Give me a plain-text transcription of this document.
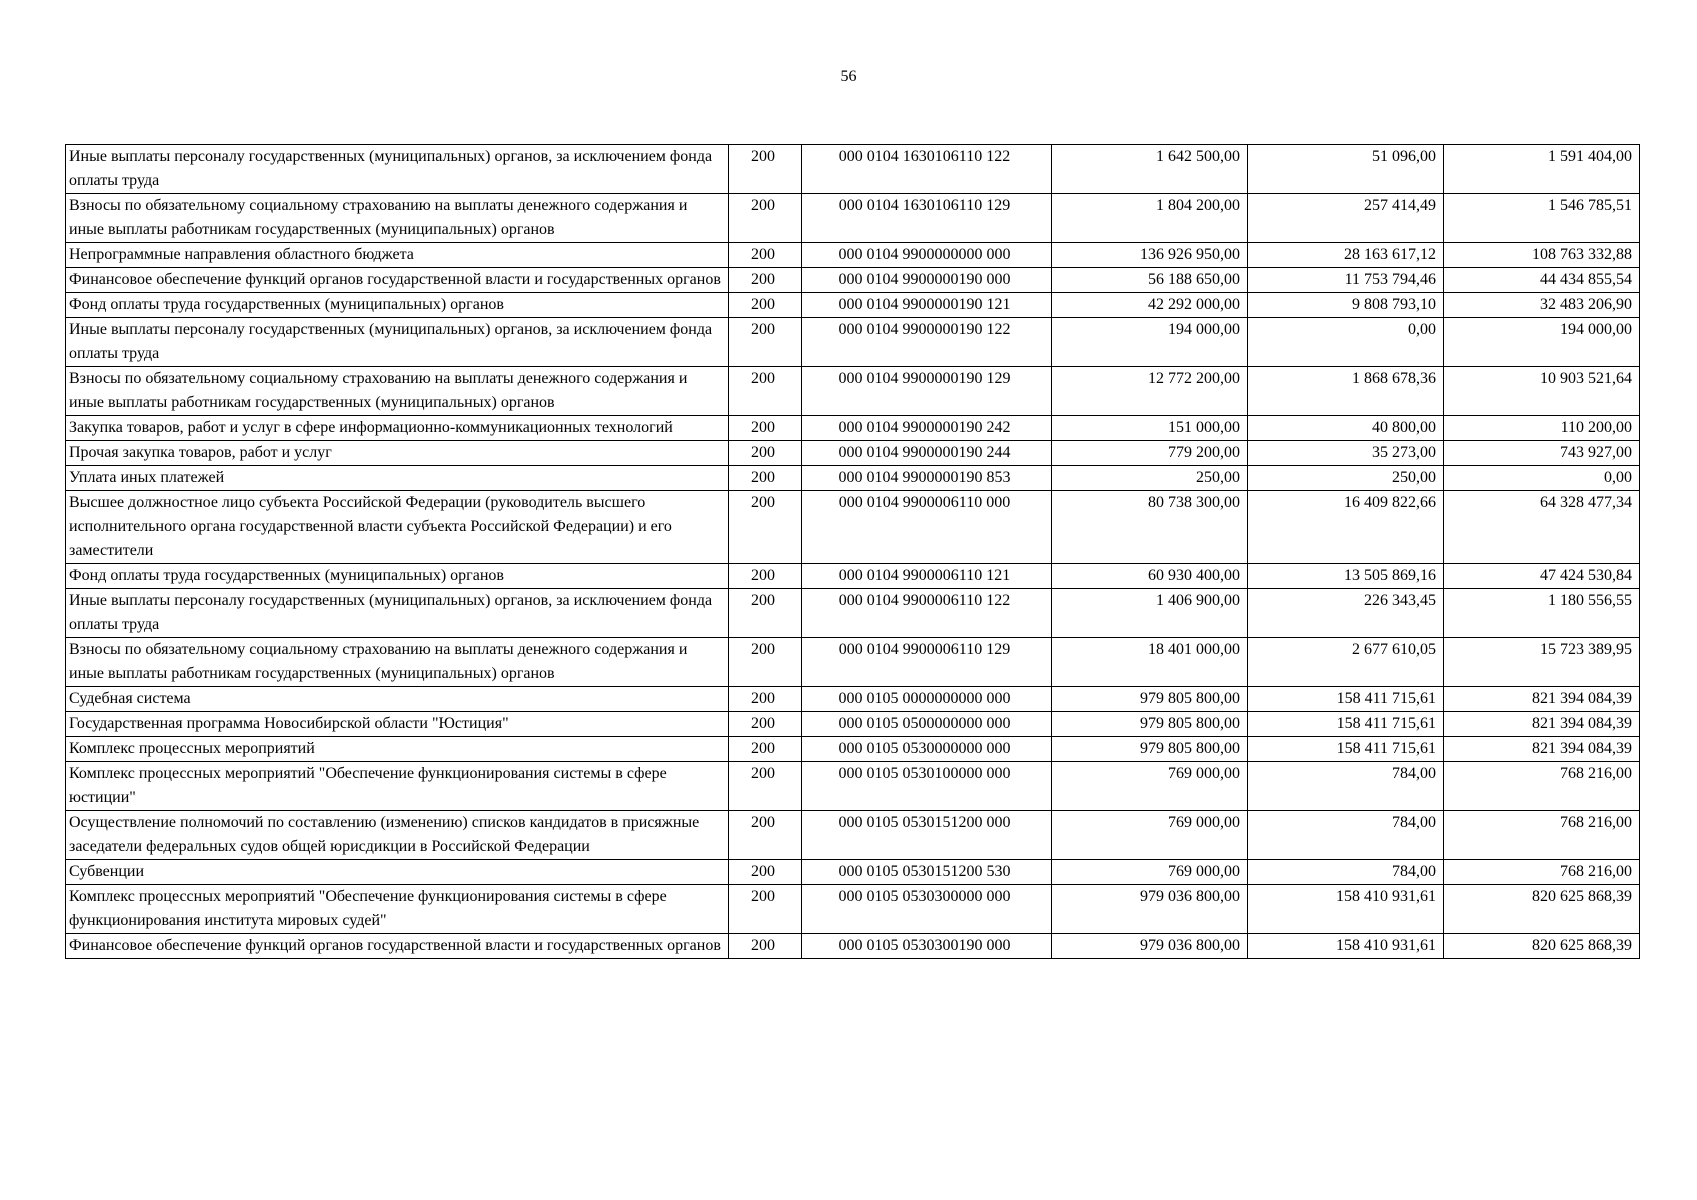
56
Иные выплаты персоналу государственных (муниципальных) органов, за исключением фонда оплаты труда	200	000 0104 1630106110 122	1 642 500,00	51 096,00	1 591 404,00
Взносы по обязательному социальному страхованию на выплаты денежного содержания и иные выплаты работникам государственных (муниципальных) органов	200	000 0104 1630106110 129	1 804 200,00	257 414,49	1 546 785,51
Непрограммные направления областного бюджета	200	000 0104 9900000000 000	136 926 950,00	28 163 617,12	108 763 332,88
Финансовое обеспечение функций органов государственной власти и государственных органов	200	000 0104 9900000190 000	56 188 650,00	11 753 794,46	44 434 855,54
Фонд оплаты труда государственных (муниципальных) органов	200	000 0104 9900000190 121	42 292 000,00	9 808 793,10	32 483 206,90
Иные выплаты персоналу государственных (муниципальных) органов, за исключением фонда оплаты труда	200	000 0104 9900000190 122	194 000,00	0,00	194 000,00
Взносы по обязательному социальному страхованию на выплаты денежного содержания и иные выплаты работникам государственных (муниципальных) органов	200	000 0104 9900000190 129	12 772 200,00	1 868 678,36	10 903 521,64
Закупка товаров, работ и услуг в сфере информационно-коммуникационных технологий	200	000 0104 9900000190 242	151 000,00	40 800,00	110 200,00
Прочая закупка товаров, работ и услуг	200	000 0104 9900000190 244	779 200,00	35 273,00	743 927,00
Уплата иных платежей	200	000 0104 9900000190 853	250,00	250,00	0,00
Высшее должностное лицо субъекта Российской Федерации (руководитель высшего исполнительного органа государственной власти субъекта Российской Федерации) и его заместители	200	000 0104 9900006110 000	80 738 300,00	16 409 822,66	64 328 477,34
Фонд оплаты труда государственных (муниципальных) органов	200	000 0104 9900006110 121	60 930 400,00	13 505 869,16	47 424 530,84
Иные выплаты персоналу государственных (муниципальных) органов, за исключением фонда оплаты труда	200	000 0104 9900006110 122	1 406 900,00	226 343,45	1 180 556,55
Взносы по обязательному социальному страхованию на выплаты денежного содержания и иные выплаты работникам государственных (муниципальных) органов	200	000 0104 9900006110 129	18 401 000,00	2 677 610,05	15 723 389,95
Судебная система	200	000 0105 0000000000 000	979 805 800,00	158 411 715,61	821 394 084,39
Государственная программа Новосибирской области "Юстиция"	200	000 0105 0500000000 000	979 805 800,00	158 411 715,61	821 394 084,39
Комплекс процессных мероприятий	200	000 0105 0530000000 000	979 805 800,00	158 411 715,61	821 394 084,39
Комплекс процессных мероприятий "Обеспечение функционирования системы в сфере юстиции"	200	000 0105 0530100000 000	769 000,00	784,00	768 216,00
Осуществление полномочий по составлению (изменению) списков кандидатов в присяжные заседатели федеральных судов общей юрисдикции в Российской Федерации	200	000 0105 0530151200 000	769 000,00	784,00	768 216,00
Субвенции	200	000 0105 0530151200 530	769 000,00	784,00	768 216,00
Комплекс процессных мероприятий "Обеспечение функционирования системы в сфере функционирования института мировых судей"	200	000 0105 0530300000 000	979 036 800,00	158 410 931,61	820 625 868,39
Финансовое обеспечение функций органов государственной власти и государственных органов	200	000 0105 0530300190 000	979 036 800,00	158 410 931,61	820 625 868,39
